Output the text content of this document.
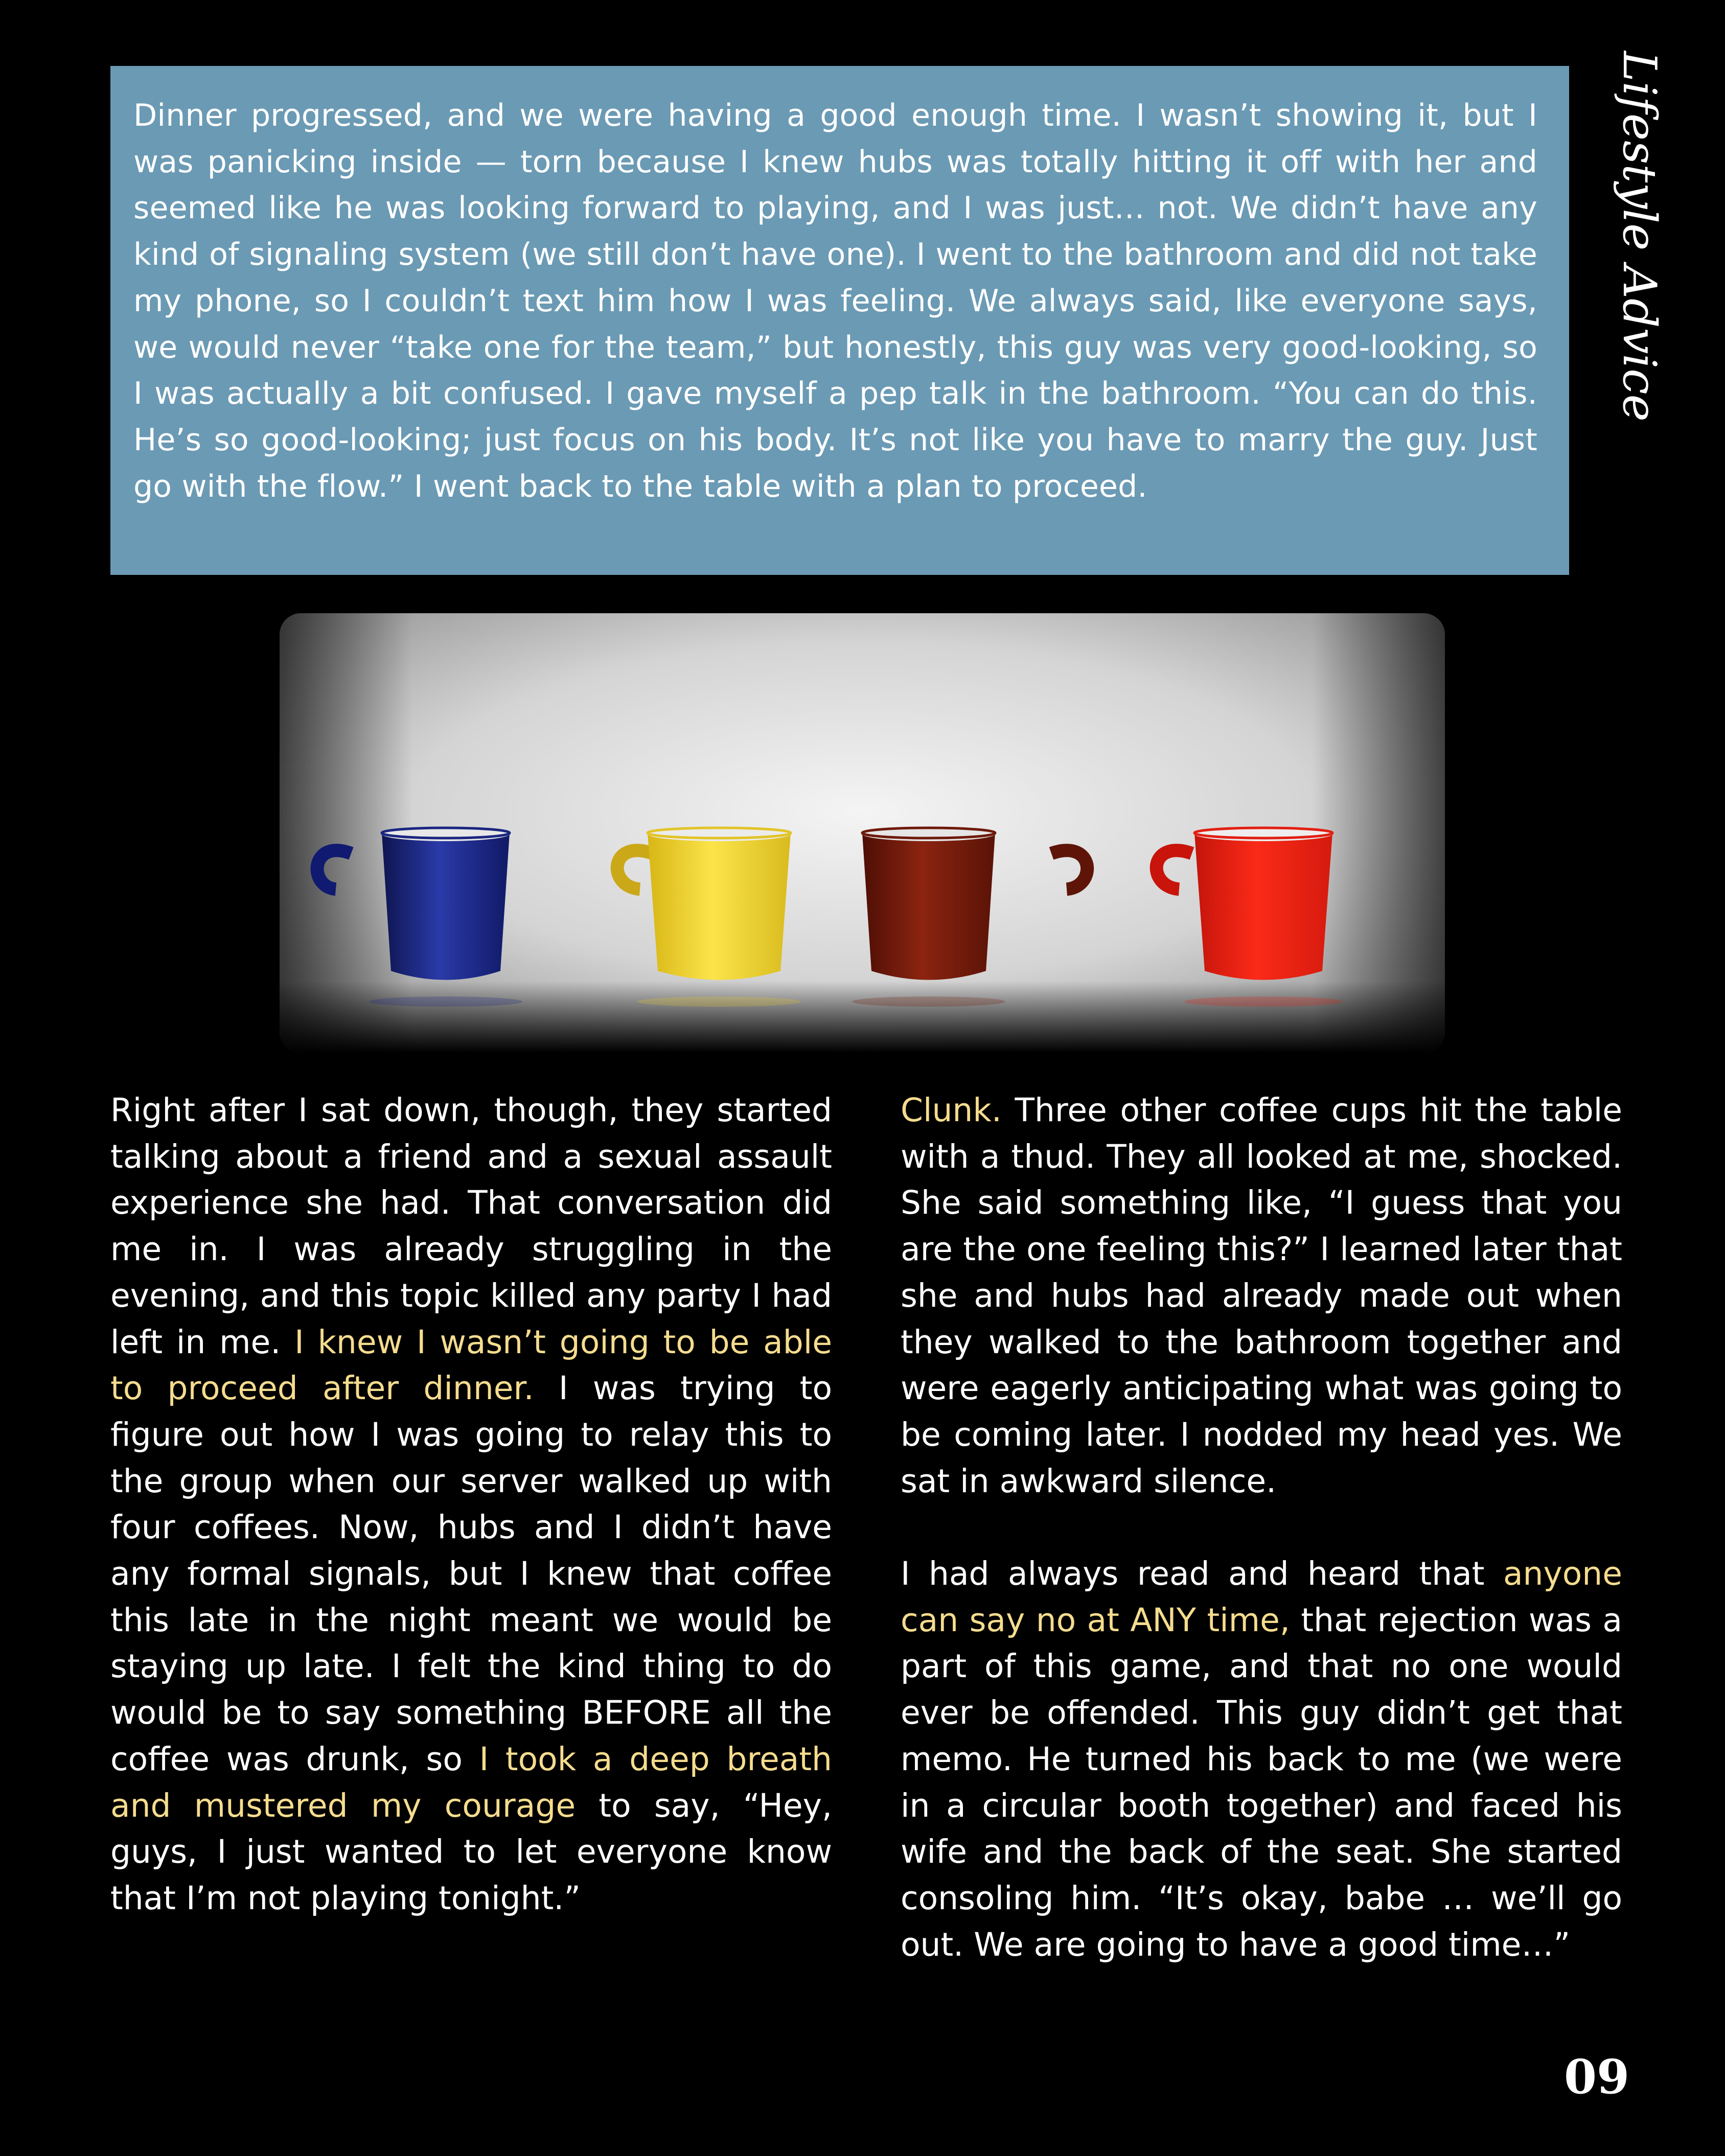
Dinner progressed, and we were having a good enough time. I wasn’t showing it, but I was panicking inside — torn because I knew hubs was totally hitting it off with her and seemed like he was looking forward to playing, and I was just… not. We didn’t have any kind of signaling system (we still don’t have one). I went to the bathroom and did not take my phone, so I couldn’t text him how I was feeling. We always said, like everyone says, we would never “take one for the team,” but honestly, this guy was very good-looking, so I was actually a bit confused. I gave myself a pep talk in the bathroom. “You can do this. He’s so good-looking; just focus on his body. It’s not like you have to marry the guy. Just go with the flow.” I went back to the table with a plan to proceed.

Lifestyle Advice

Right after I sat down, though, they started talking about a friend and a sexual assault experience she had. That conversation did me in. I was already struggling in the evening, and this topic killed any party I had left in me. I knew I wasn’t going to be able to proceed after dinner. I was trying to figure out how I was going to relay this to the group when our server walked up with four coffees. Now, hubs and I didn’t have any formal signals, but I knew that coffee this late in the night meant we would be staying up late. I felt the kind thing to do would be to say something BEFORE all the coffee was drunk, so I took a deep breath and mustered my courage to say, “Hey, guys, I just wanted to let everyone know that I’m not playing tonight.”

Clunk. Three other coffee cups hit the table with a thud. They all looked at me, shocked. She said something like, “I guess that you are the one feeling this?” I learned later that she and hubs had already made out when they walked to the bathroom together and were eagerly anticipating what was going to be coming later. I nodded my head yes. We sat in awkward silence.

I had always read and heard that anyone can say no at ANY time, that rejection was a part of this game, and that no one would ever be offended. This guy didn’t get that memo. He turned his back to me (we were in a circular booth together) and faced his wife and the back of the seat. She started consoling him. “It’s okay, babe … we’ll go out. We are going to have a good time…”

09
